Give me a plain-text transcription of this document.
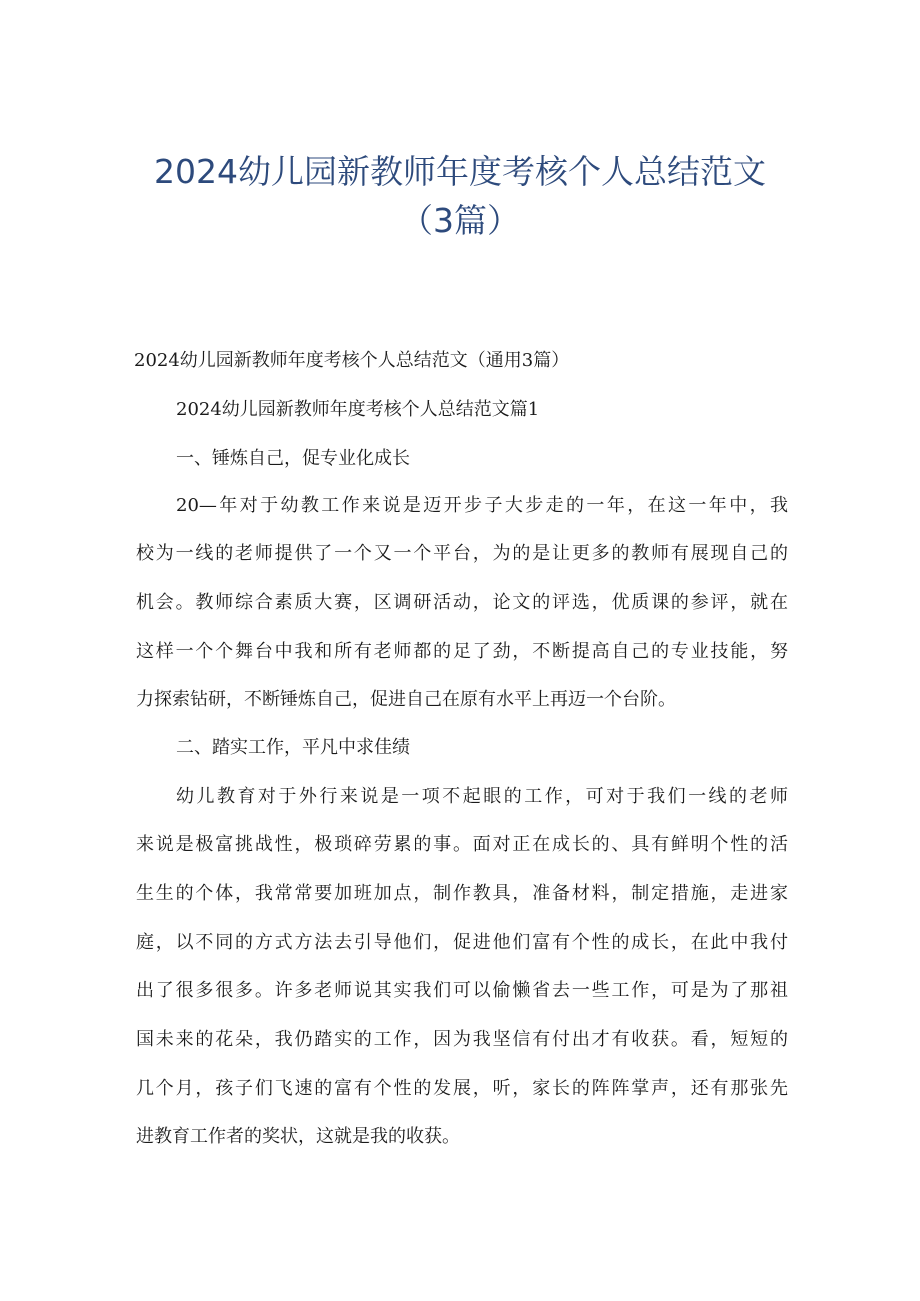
2024幼儿园新教师年度考核个人总结范文
（3篇）
2024幼儿园新教师年度考核个人总结范文（通用3篇）
2024幼儿园新教师年度考核个人总结范文篇1
一、锤炼自己，促专业化成长
20—年对于幼教工作来说是迈开步子大步走的一年，在这一年中，我
校为一线的老师提供了一个又一个平台，为的是让更多的教师有展现自己的
机会。教师综合素质大赛，区调研活动，论文的评选，优质课的参评，就在
这样一个个舞台中我和所有老师都的足了劲，不断提高自己的专业技能，努
力探索钻研，不断锤炼自己，促进自己在原有水平上再迈一个台阶。
二、踏实工作，平凡中求佳绩
幼儿教育对于外行来说是一项不起眼的工作，可对于我们一线的老师
来说是极富挑战性，极琐碎劳累的事。面对正在成长的、具有鲜明个性的活
生生的个体，我常常要加班加点，制作教具，准备材料，制定措施，走进家
庭，以不同的方式方法去引导他们，促进他们富有个性的成长，在此中我付
出了很多很多。许多老师说其实我们可以偷懒省去一些工作，可是为了那祖
国未来的花朵，我仍踏实的工作，因为我坚信有付出才有收获。看，短短的
几个月，孩子们飞速的富有个性的发展，听，家长的阵阵掌声，还有那张先
进教育工作者的奖状，这就是我的收获。
